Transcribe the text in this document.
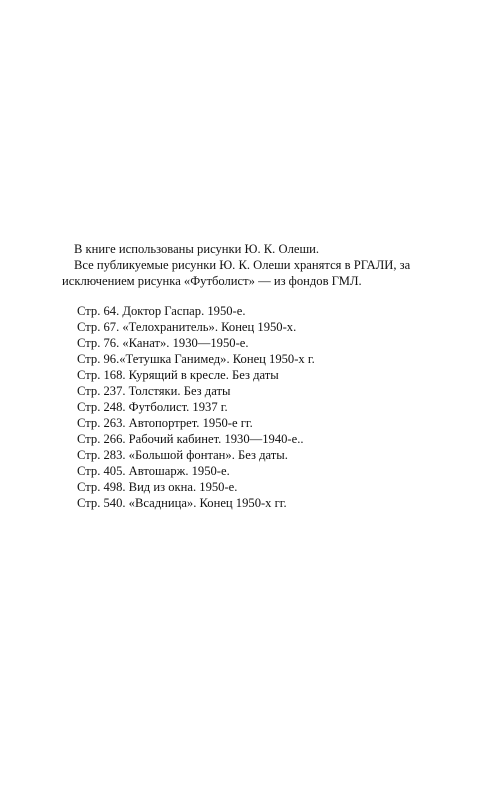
В книге использованы рисунки Ю. К. Олеши.

Все публикуемые рисунки Ю. К. Олеши хранятся в РГАЛИ, за исключением рисунка «Футболист» — из фондов ГМЛ.

Стр. 64. Доктор Гаспар. 1950-е.
Стр. 67. «Телохранитель». Конец 1950-х.
Стр. 76. «Канат». 1930—1950-е.
Стр. 96.«Тетушка Ганимед». Конец 1950-х г.
Стр. 168. Курящий в кресле. Без даты
Стр. 237. Толстяки. Без даты
Стр. 248. Футболист. 1937 г.
Стр. 263. Автопортрет. 1950-е гг.
Стр. 266. Рабочий кабинет. 1930—1940-е..
Стр. 283. «Большой фонтан». Без даты.
Стр. 405. Автошарж. 1950-е.
Стр. 498. Вид из окна. 1950-е.
Стр. 540. «Всадница». Конец 1950-х гг.
